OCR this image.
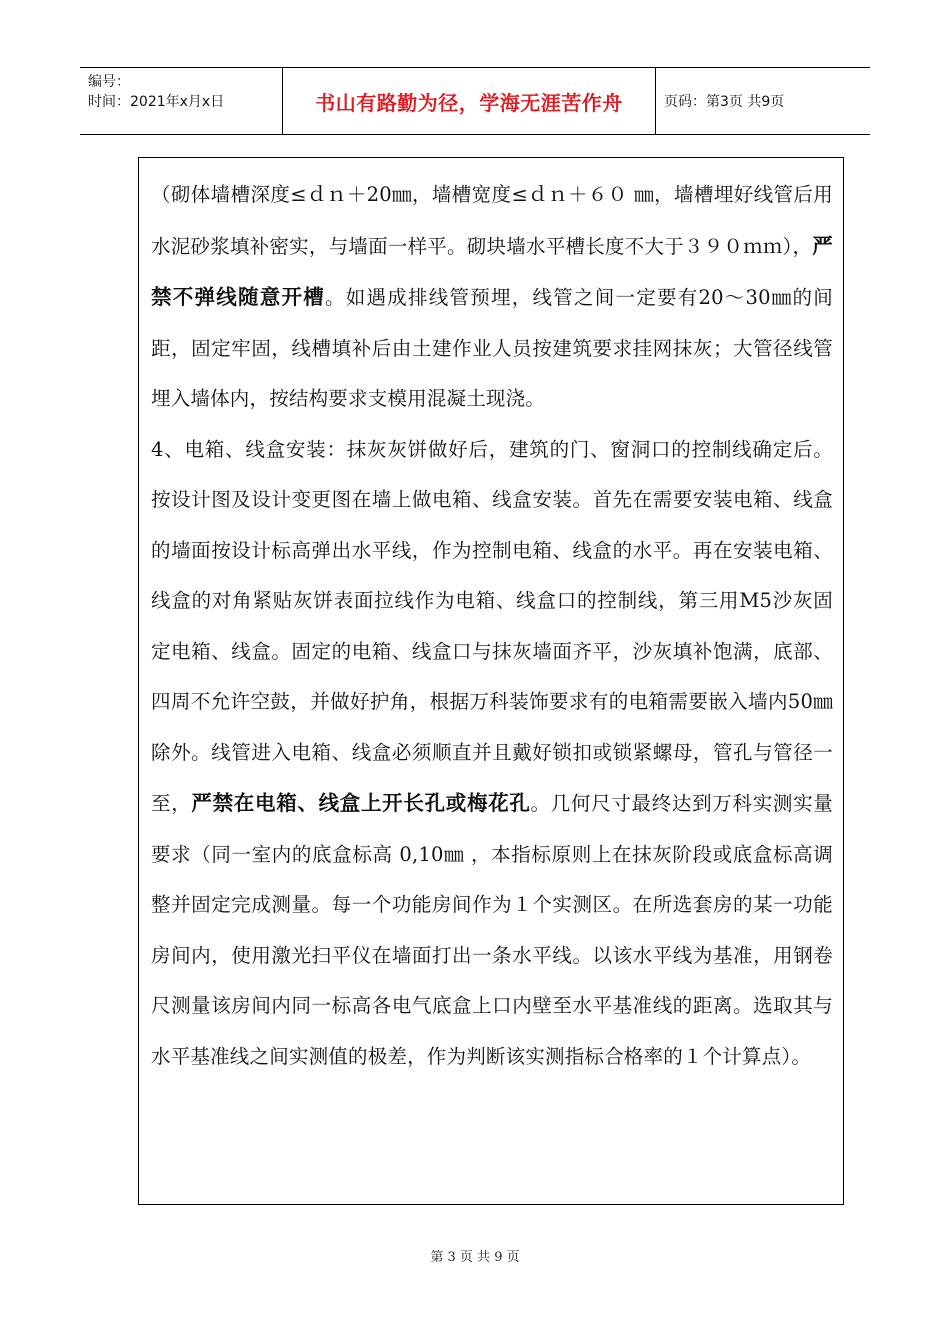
编号：
时间：2021年x月x日	书山有路勤为径，学海无涯苦作舟	页码：第3页 共9页

（砌体墙槽深度≤ｄｎ＋20㎜，墙槽宽度≤ｄｎ＋６０ ㎜，墙槽埋好线管后用水泥砂浆填补密实，与墙面一样平。砌块墙水平槽长度不大于３９０ｍｍ），严禁不弹线随意开槽。如遇成排线管预埋，线管之间一定要有20～30㎜的间距，固定牢固，线槽填补后由土建作业人员按建筑要求挂网抹灰；大管径线管埋入墙体内，按结构要求支模用混凝土现浇。

4、电箱、线盒安装：抹灰灰饼做好后，建筑的门、窗洞口的控制线确定后。按设计图及设计变更图在墙上做电箱、线盒安装。首先在需要安装电箱、线盒的墙面按设计标高弹出水平线，作为控制电箱、线盒的水平。再在安装电箱、线盒的对角紧贴灰饼表面拉线作为电箱、线盒口的控制线，第三用M5沙灰固定电箱、线盒。固定的电箱、线盒口与抹灰墙面齐平，沙灰填补饱满，底部、四周不允许空鼓，并做好护角，根据万科装饰要求有的电箱需要嵌入墙内50㎜除外。线管进入电箱、线盒必须顺直并且戴好锁扣或锁紧螺母，管孔与管径一至，严禁在电箱、线盒上开长孔或梅花孔。几何尺寸最终达到万科实测实量要求（同一室内的底盒标高 0,10㎜ ，本指标原则上在抹灰阶段或底盒标高调整并固定完成测量。每一个功能房间作为１个实测区。在所选套房的某一功能房间内，使用激光扫平仪在墙面打出一条水平线。以该水平线为基准，用钢卷尺测量该房间内同一标高各电气底盒上口内壁至水平基准线的距离。选取其与水平基准线之间实测值的极差，作为判断该实测指标合格率的１个计算点）。

第 3 页 共 9 页
